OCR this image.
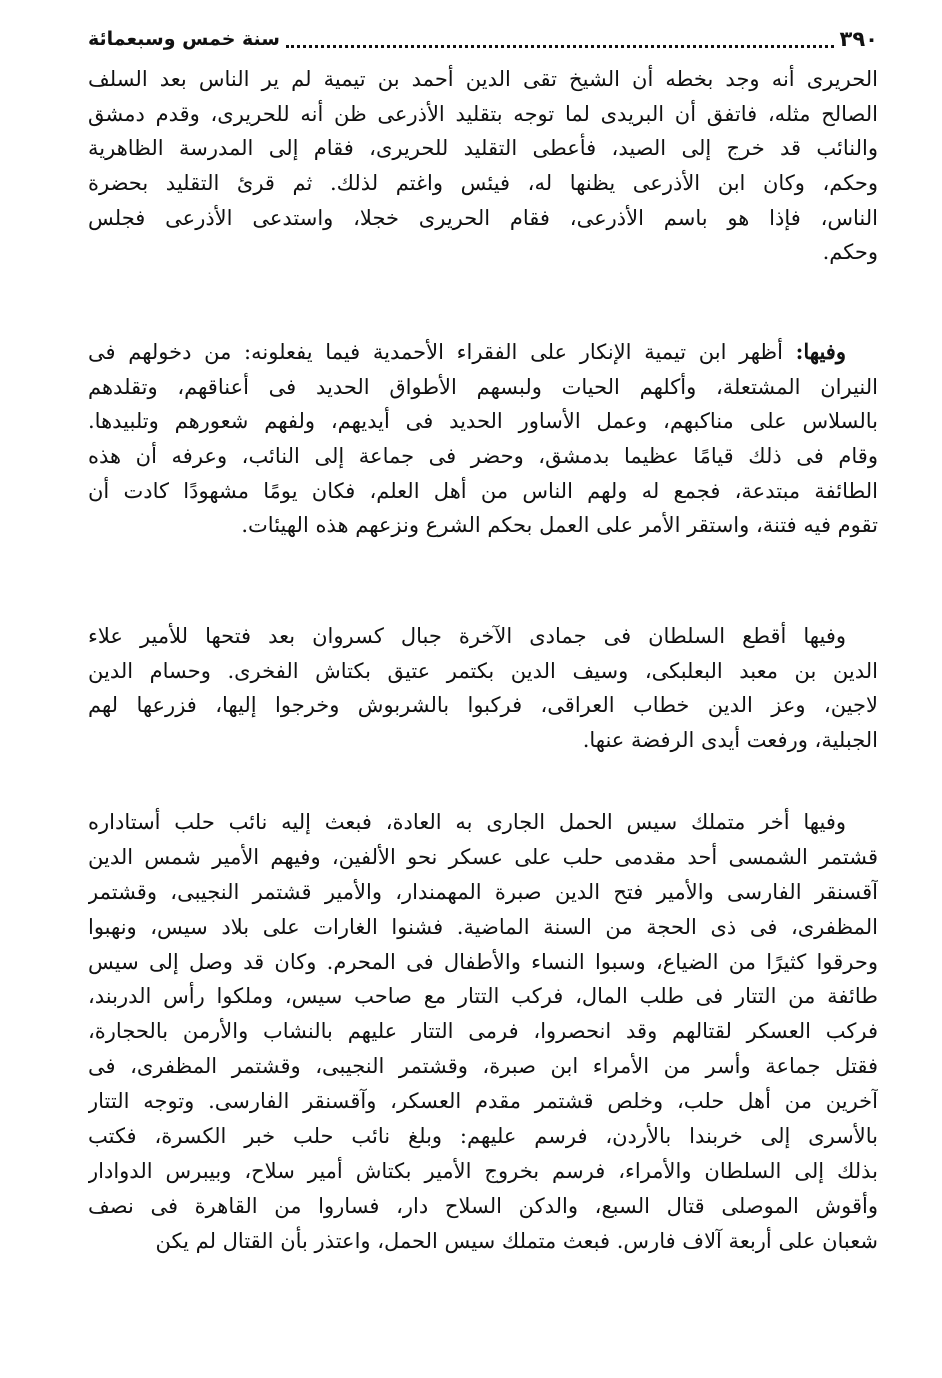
٣٩٠
سنة خمس وسبعمائة
الحريرى أنه وجد بخطه أن الشيخ تقى الدين أحمد بن تيمية لم ير الناس بعد السلف
الصالح مثله، فاتفق أن البريدى لما توجه بتقليد الأذرعى ظن أنه للحريرى، وقدم دمشق
والنائب قد خرج إلى الصيد، فأعطى التقليد للحريرى، فقام إلى المدرسة الظاهرية
وحكم، وكان ابن الأذرعى يظنها له، فيئس واغتم لذلك. ثم قرئ التقليد بحضرة
الناس، فإذا هو باسم الأذرعى، فقام الحريرى خجلا، واستدعى الأذرعى فجلس
وحكم.
وفيها: أظهر ابن تيمية الإنكار على الفقراء الأحمدية فيما يفعلونه: من دخولهم فى
النيران المشتعلة، وأكلهم الحيات ولبسهم الأطواق الحديد فى أعناقهم، وتقلدهم
بالسلاس على مناكبهم، وعمل الأساور الحديد فى أيديهم، ولفهم شعورهم وتلبيدها.
وقام فى ذلك قيامًا عظيما بدمشق، وحضر فى جماعة إلى النائب، وعرفه أن هذه
الطائفة مبتدعة، فجمع له ولهم الناس من أهل العلم، فكان يومًا مشهودًا كادت أن
تقوم فيه فتنة، واستقر الأمر على العمل بحكم الشرع ونزعهم هذه الهيئات.
وفيها أقطع السلطان فى جمادى الآخرة جبال كسروان بعد فتحها للأمير علاء
الدين بن معبد البعلبكى، وسيف الدين بكتمر عتيق بكتاش الفخرى. وحسام الدين
لاجين، وعز الدين خطاب العراقى، فركبوا بالشربوش وخرجوا إليها، فزرعها لهم
الجبلية، ورفعت أيدى الرفضة عنها.
وفيها أخر متملك سيس الحمل الجارى به العادة، فبعث إليه نائب حلب أستاداره
قشتمر الشمسى أحد مقدمى حلب على عسكر نحو الألفين، وفيهم الأمير شمس الدين
آقسنقر الفارسى والأمير فتح الدين صبرة المهمندار، والأمير قشتمر النجيبى، وقشتمر
المظفرى، فى ذى الحجة من السنة الماضية. فشنوا الغارات على بلاد سيس، ونهبوا
وحرقوا كثيرًا من الضياع، وسبوا النساء والأطفال فى المحرم. وكان قد وصل إلى سيس
طائفة من التتار فى طلب المال، فركب التتار مع صاحب سيس، وملكوا رأس الدربند،
فركب العسكر لقتالهم وقد انحصروا، فرمى التتار عليهم بالنشاب والأرمن بالحجارة،
فقتل جماعة وأسر من الأمراء ابن صبرة، وقشتمر النجيبى، وقشتمر المظفرى، فى
آخرين من أهل حلب، وخلص قشتمر مقدم العسكر، وآقسنقر الفارسى. وتوجه التتار
بالأسرى إلى خربندا بالأردن، فرسم عليهم: وبلغ نائب حلب خبر الكسرة، فكتب
بذلك إلى السلطان والأمراء، فرسم بخروج الأمير بكتاش أمير سلاح، وبيبرس الدوادار
وأقوش الموصلى قتال السبع، والدكن السلاح دار، فساروا من القاهرة فى نصف
شعبان على أربعة آلاف فارس. فبعث متملك سيس الحمل، واعتذر بأن القتال لم يكن
